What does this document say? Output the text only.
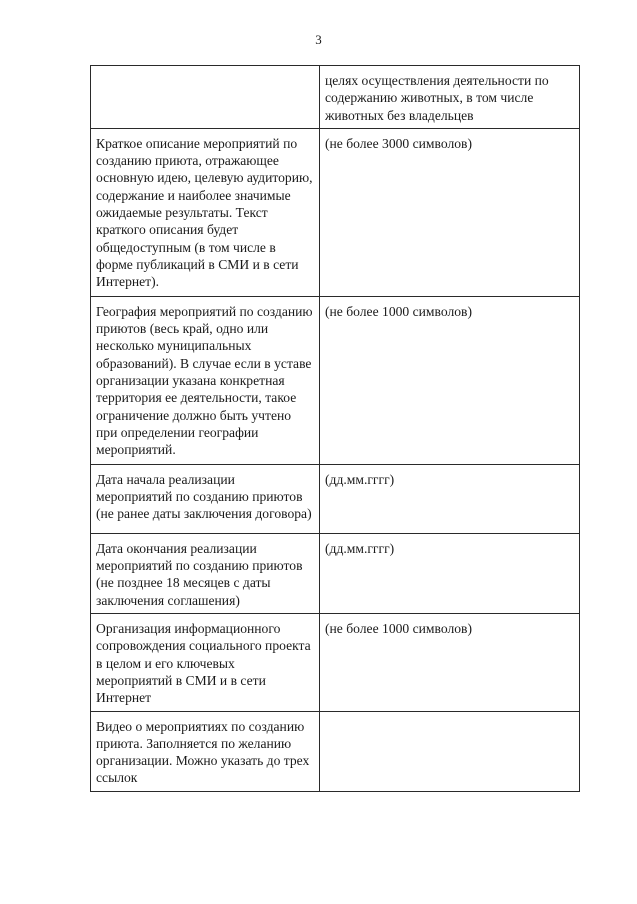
3
	целях осуществления деятельности по содержанию животных, в том числе животных без владельцев
Краткое описание мероприятий по созданию приюта, отражающее основную идею, целевую аудиторию, содержание и наиболее значимые ожидаемые результаты. Текст краткого описания будет общедоступным (в том числе в форме публикаций в СМИ и в сети Интернет).	(не более 3000 символов)
География мероприятий по созданию приютов (весь край, одно или несколько муниципальных образований). В случае если в уставе организации указана конкретная территория ее деятельности, такое ограничение должно быть учтено при определении географии мероприятий.	(не более 1000 символов)
Дата начала реализации мероприятий по созданию приютов (не ранее даты заключения договора)	(дд.мм.гггг)
Дата окончания реализации мероприятий по созданию приютов (не позднее 18 месяцев с даты заключения соглашения)	(дд.мм.гггг)
Организация информационного сопровождения социального проекта в целом и его ключевых мероприятий в СМИ и в сети Интернет	(не более 1000 символов)
Видео о мероприятиях по созданию приюта. Заполняется по желанию организации. Можно указать до трех ссылок	
